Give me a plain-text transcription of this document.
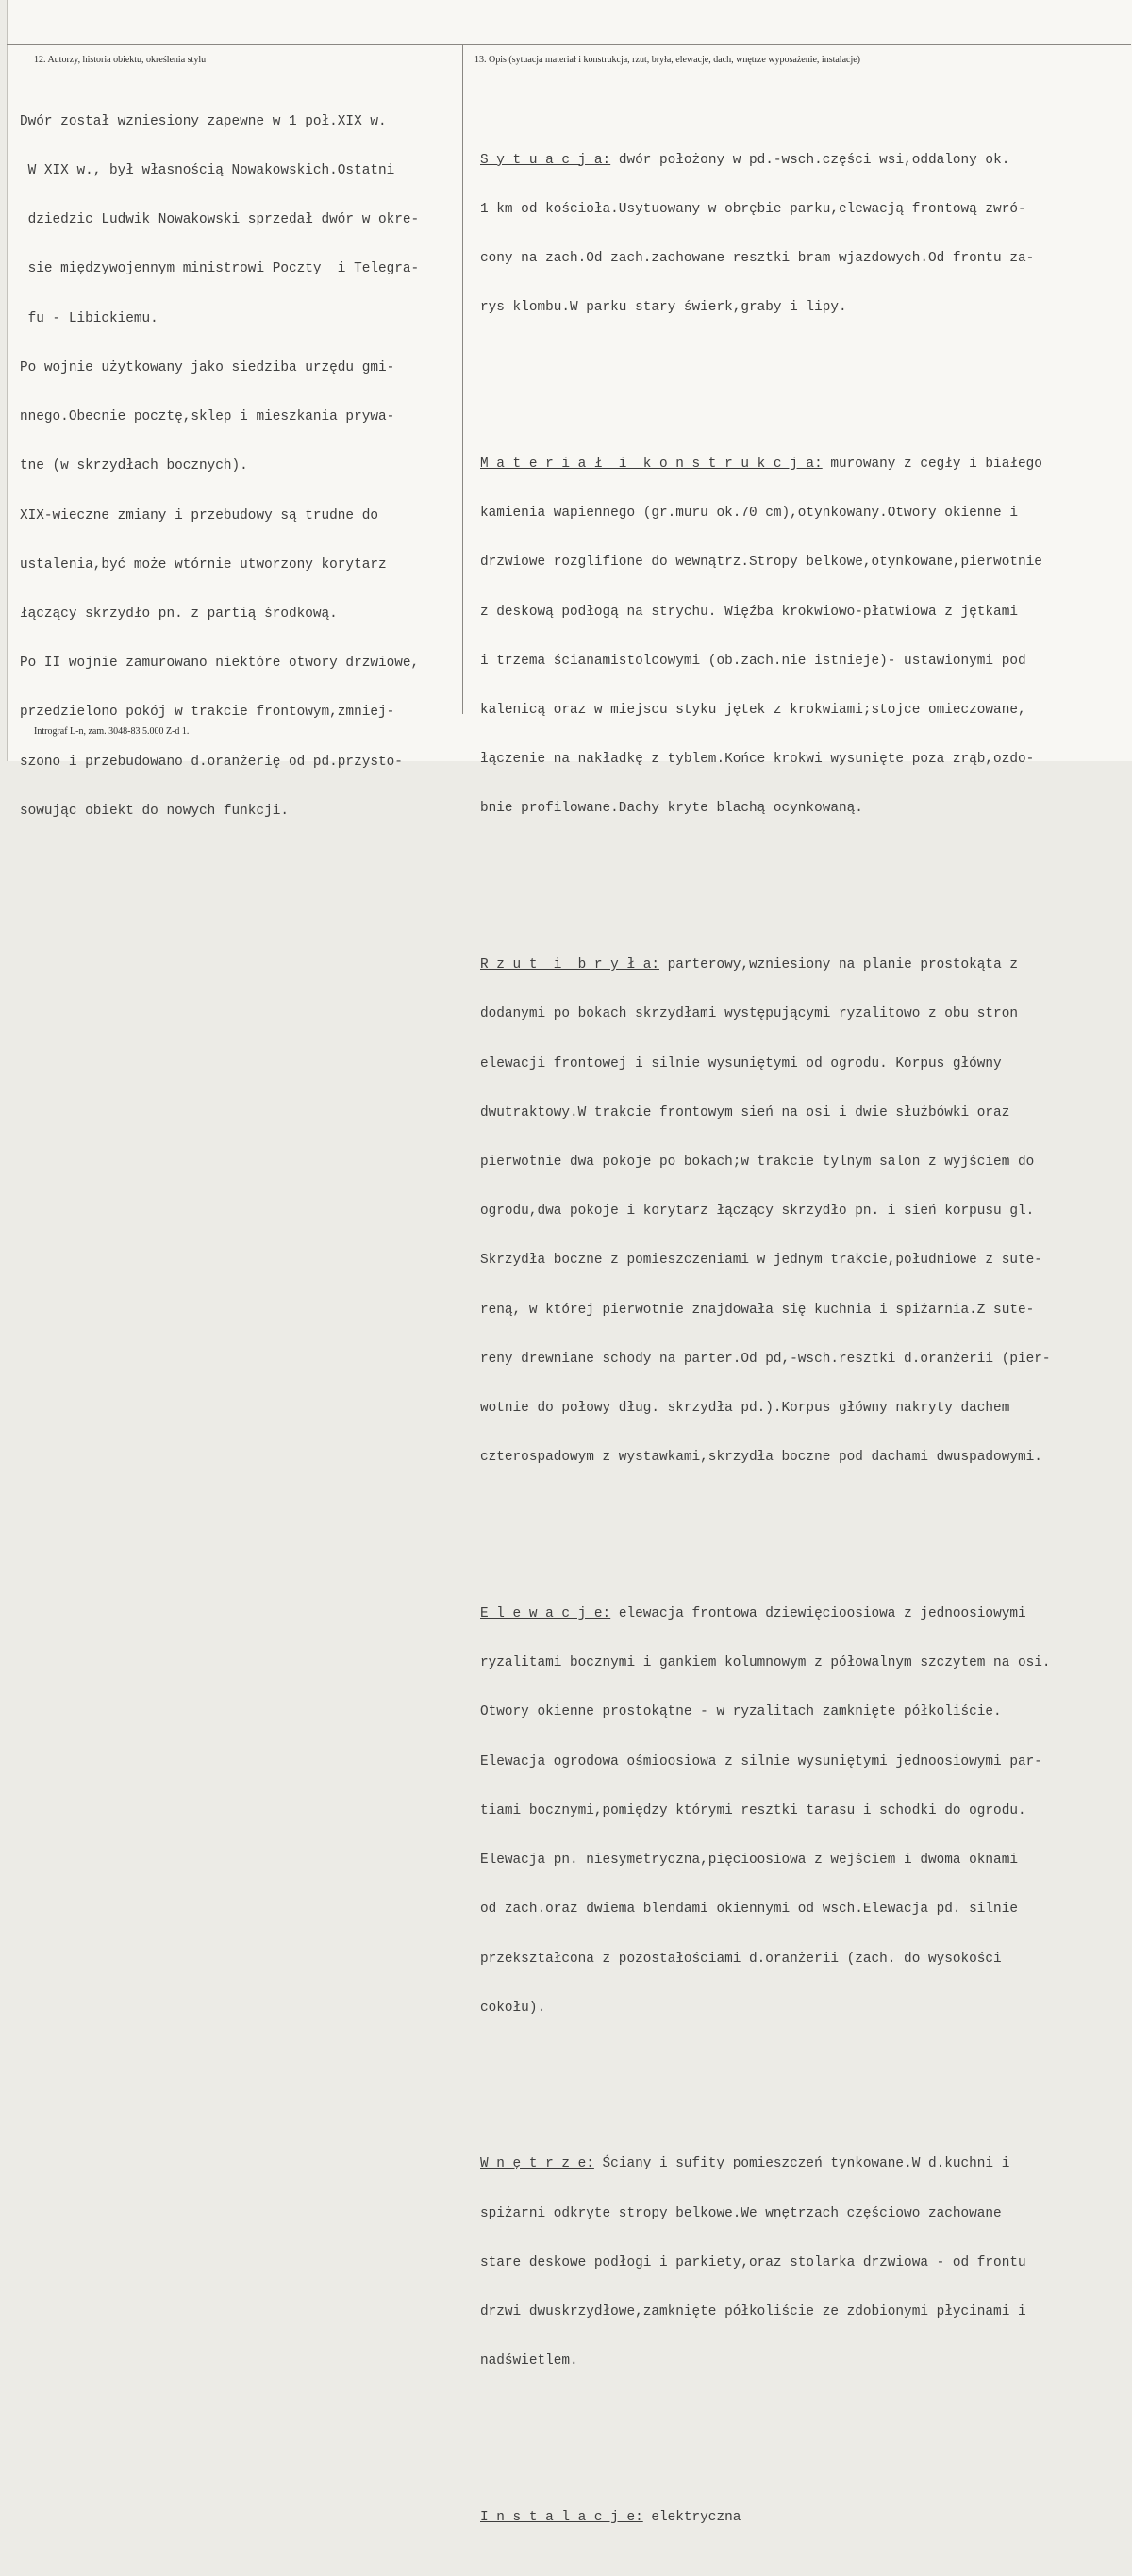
12. Autorzy, historia obiektu, określenia stylu	13. Opis (sytuacja materiał i konstrukcja, rzut, bryła, elewacje, dach, wnętrze wyposażenie, instalacje)

Dwór został wzniesiony zapewne w 1 poł.XIX w.

W XIX w., był własnością Nowakowskich.Ostatni

dziedzic Ludwik Nowakowski sprzedał dwór w okre-

sie międzywojennym ministrowi Poczty  i Telegra-

fu - Libickiemu.

Po wojnie użytkowany jako siedziba urzędu gmi-

nnego.Obecnie pocztę,sklep i mieszkania prywa-

tne (w skrzydłach bocznych).

XIX-wieczne zmiany i przebudowy są trudne do

ustalenia,być może wtórnie utworzony korytarz

łączący skrzydło pn. z partią środkową.

Po II wojnie zamurowano niektóre otwory drzwiowe,

przedzielono pokój w trakcie frontowym,zmniej-

szono i przebudowano d.oranżerię od pd.przysto-

sowując obiekt do nowych funkcji.

S y t u a c j a: dwór położony w pd.-wsch.części wsi,oddalony ok.

1 km od kościoła.Usytuowany w obrębie parku,elewacją frontową zwró-

cony na zach.Od zach.zachowane resztki bram wjazdowych.Od frontu za-

rys klombu.W parku stary świerk,graby i lipy.

M a t e r i a ł  i  k o n s t r u k c j a: murowany z cegły i białego

kamienia wapiennego (gr.muru ok.70 cm),otynkowany.Otwory okienne i

drzwiowe rozglifione do wewnątrz.Stropy belkowe,otynkowane,pierwotnie

z deskową podłogą na strychu. Więźba krokwiowo-płatwiowa z jętkami

i trzema ścianamistolcowymi (ob.zach.nie istnieje)- ustawionymi pod

kalenicą oraz w miejscu styku jętek z krokwiami;stojce omieczowane,

łączenie na nakładkę z tyblem.Końce krokwi wysunięte poza zrąb,ozdo-

bnie profilowane.Dachy kryte blachą ocynkowaną.

R z u t  i  b r y ł a: parterowy,wzniesiony na planie prostokąta z

dodanymi po bokach skrzydłami występującymi ryzalitowo z obu stron

elewacji frontowej i silnie wysuniętymi od ogrodu. Korpus główny

dwutraktowy.W trakcie frontowym sień na osi i dwie służbówki oraz

pierwotnie dwa pokoje po bokach;w trakcie tylnym salon z wyjściem do

ogrodu,dwa pokoje i korytarz łączący skrzydło pn. i sień korpusu gl.

Skrzydła boczne z pomieszczeniami w jednym trakcie,południowe z sute-

reną, w której pierwotnie znajdowała się kuchnia i spiżarnia.Z sute-

reny drewniane schody na parter.Od pd,-wsch.resztki d.oranżerii (pier-

wotnie do połowy dług. skrzydła pd.).Korpus główny nakryty dachem

czterospadowym z wystawkami,skrzydła boczne pod dachami dwuspadowymi.

E l e w a c j e: elewacja frontowa dziewięcioosiowa z jednoosiowymi

ryzalitami bocznymi i gankiem kolumnowym z półowalnym szczytem na osi.

Otwory okienne prostokątne - w ryzalitach zamknięte półkoliście.

Elewacja ogrodowa ośmioosiowa z silnie wysuniętymi jednoosiowymi par-

tiami bocznymi,pomiędzy którymi resztki tarasu i schodki do ogrodu.

Elewacja pn. niesymetryczna,pięcioosiowa z wejściem i dwoma oknami

od zach.oraz dwiema blendami okiennymi od wsch.Elewacja pd. silnie

przekształcona z pozostałościami d.oranżerii (zach. do wysokości

cokołu).

W n ę t r z e: Ściany i sufity pomieszczeń tynkowane.W d.kuchni i

spiżarni odkryte stropy belkowe.We wnętrzach częściowo zachowane

stare deskowe podłogi i parkiety,oraz stolarka drzwiowa - od frontu

drzwi dwuskrzydłowe,zamknięte półkoliście ze zdobionymi płycinami i

nadświetlem.

I n s t a l a c j e: elektryczna

Intrograf L-n, zam. 3048-83 5.000 Z-d 1.
